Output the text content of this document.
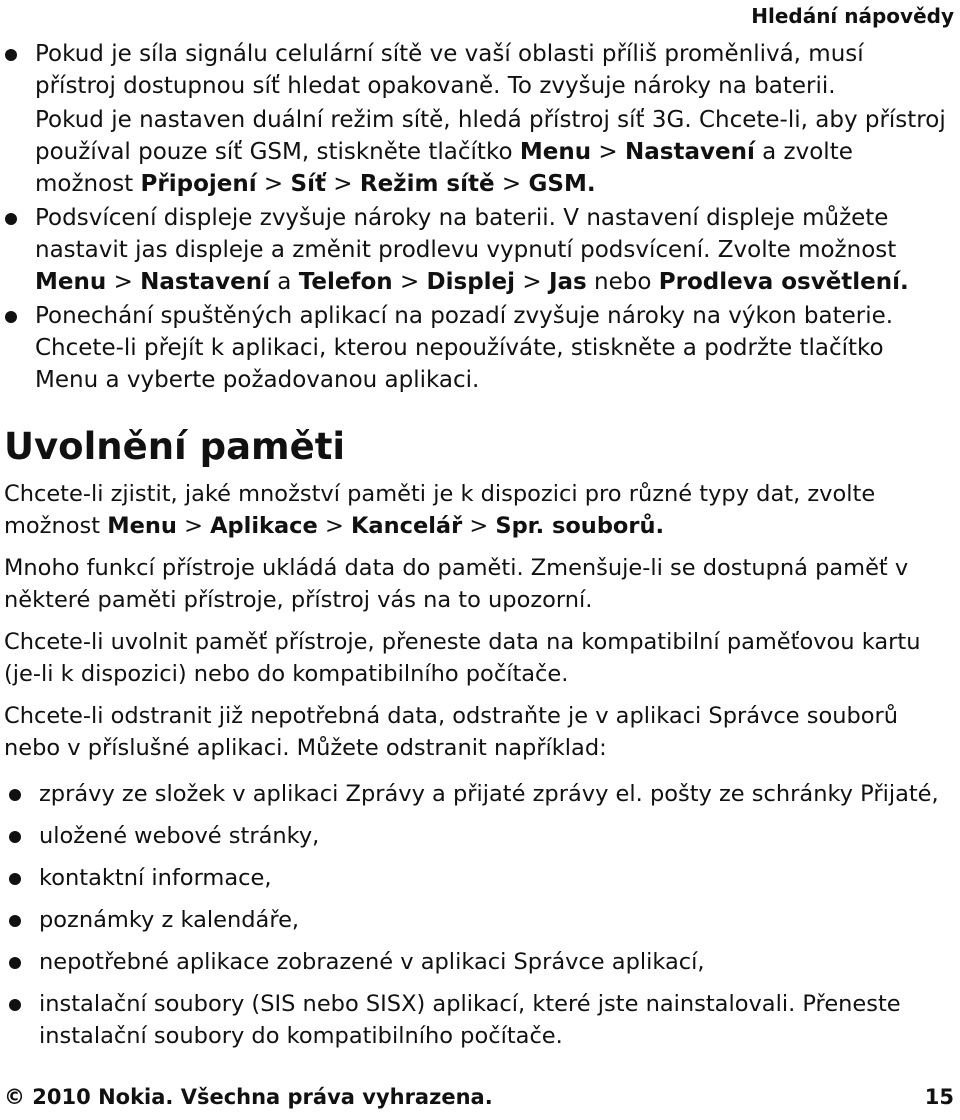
Hledání nápovědy

Pokud je síla signálu celulární sítě ve vaší oblasti příliš proměnlivá, musí přístroj dostupnou síť hledat opakovaně. To zvyšuje nároky na baterii.

Pokud je nastaven duální režim sítě, hledá přístroj síť 3G. Chcete-li, aby přístroj používal pouze síť GSM, stiskněte tlačítko Menu > Nastavení a zvolte možnost Připojení > Síť > Režim sítě > GSM.

Podsvícení displeje zvyšuje nároky na baterii. V nastavení displeje můžete nastavit jas displeje a změnit prodlevu vypnutí podsvícení. Zvolte možnost Menu > Nastavení a Telefon > Displej > Jas nebo Prodleva osvětlení.
Ponechání spuštěných aplikací na pozadí zvyšuje nároky na výkon baterie. Chcete-li přejít k aplikaci, kterou nepoužíváte, stiskněte a podržte tlačítko Menu a vyberte požadovanou aplikaci.
Uvolnění paměti

Chcete-li zjistit, jaké množství paměti je k dispozici pro různé typy dat, zvolte možnost Menu > Aplikace > Kancelář > Spr. souborů.

Mnoho funkcí přístroje ukládá data do paměti. Zmenšuje-li se dostupná paměť v některé paměti přístroje, přístroj vás na to upozorní.

Chcete-li uvolnit paměť přístroje, přeneste data na kompatibilní paměťovou kartu (je-li k dispozici) nebo do kompatibilního počítače.

Chcete-li odstranit již nepotřebná data, odstraňte je v aplikaci Správce souborů nebo v příslušné aplikaci. Můžete odstranit například:

zprávy ze složek v aplikaci Zprávy a přijaté zprávy el. pošty ze schránky Přijaté,
uložené webové stránky,
kontaktní informace,
poznámky z kalendáře,
nepotřebné aplikace zobrazené v aplikaci Správce aplikací,
instalační soubory (SIS nebo SISX) aplikací, které jste nainstalovali. Přeneste instalační soubory do kompatibilního počítače.
© 2010 Nokia. Všechna práva vyhrazena.	15
